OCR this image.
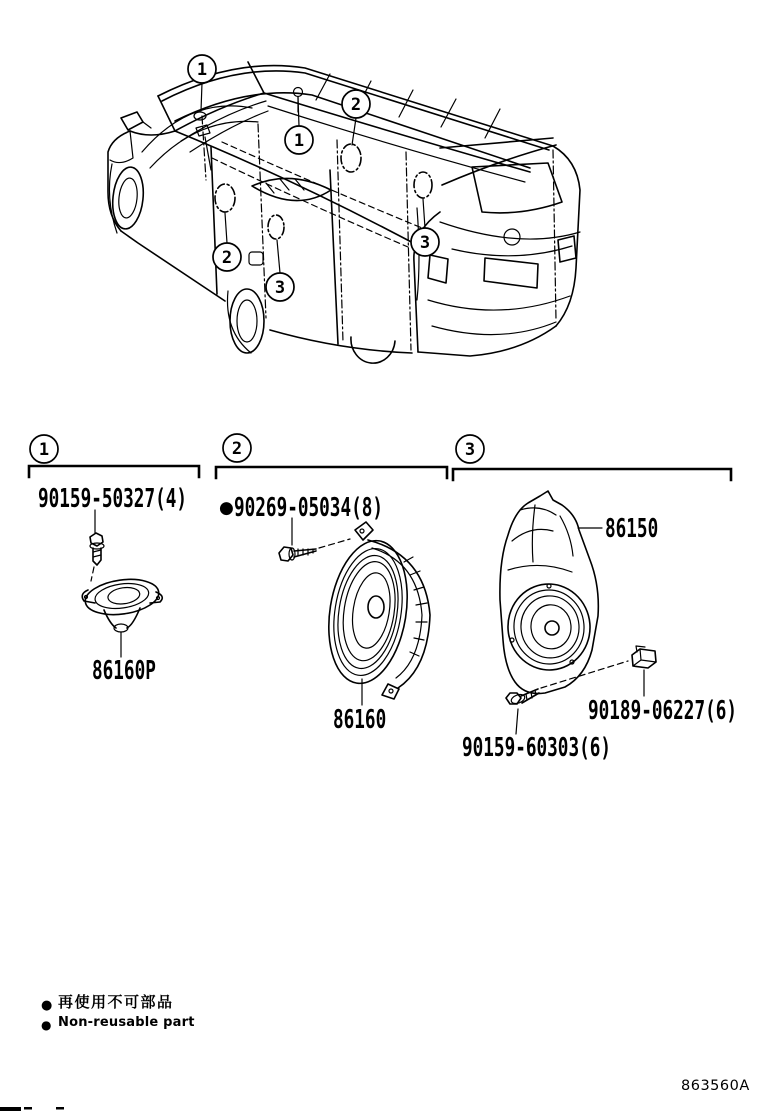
1
2
1
2
3
3
1	2	3
●
●
●
90159-50327(4)
86160P
90269-05034(8)
86160
86150
90189-06227(6)
90159-60303(6)
再使用不可部品
Non-reusable part
863560A
